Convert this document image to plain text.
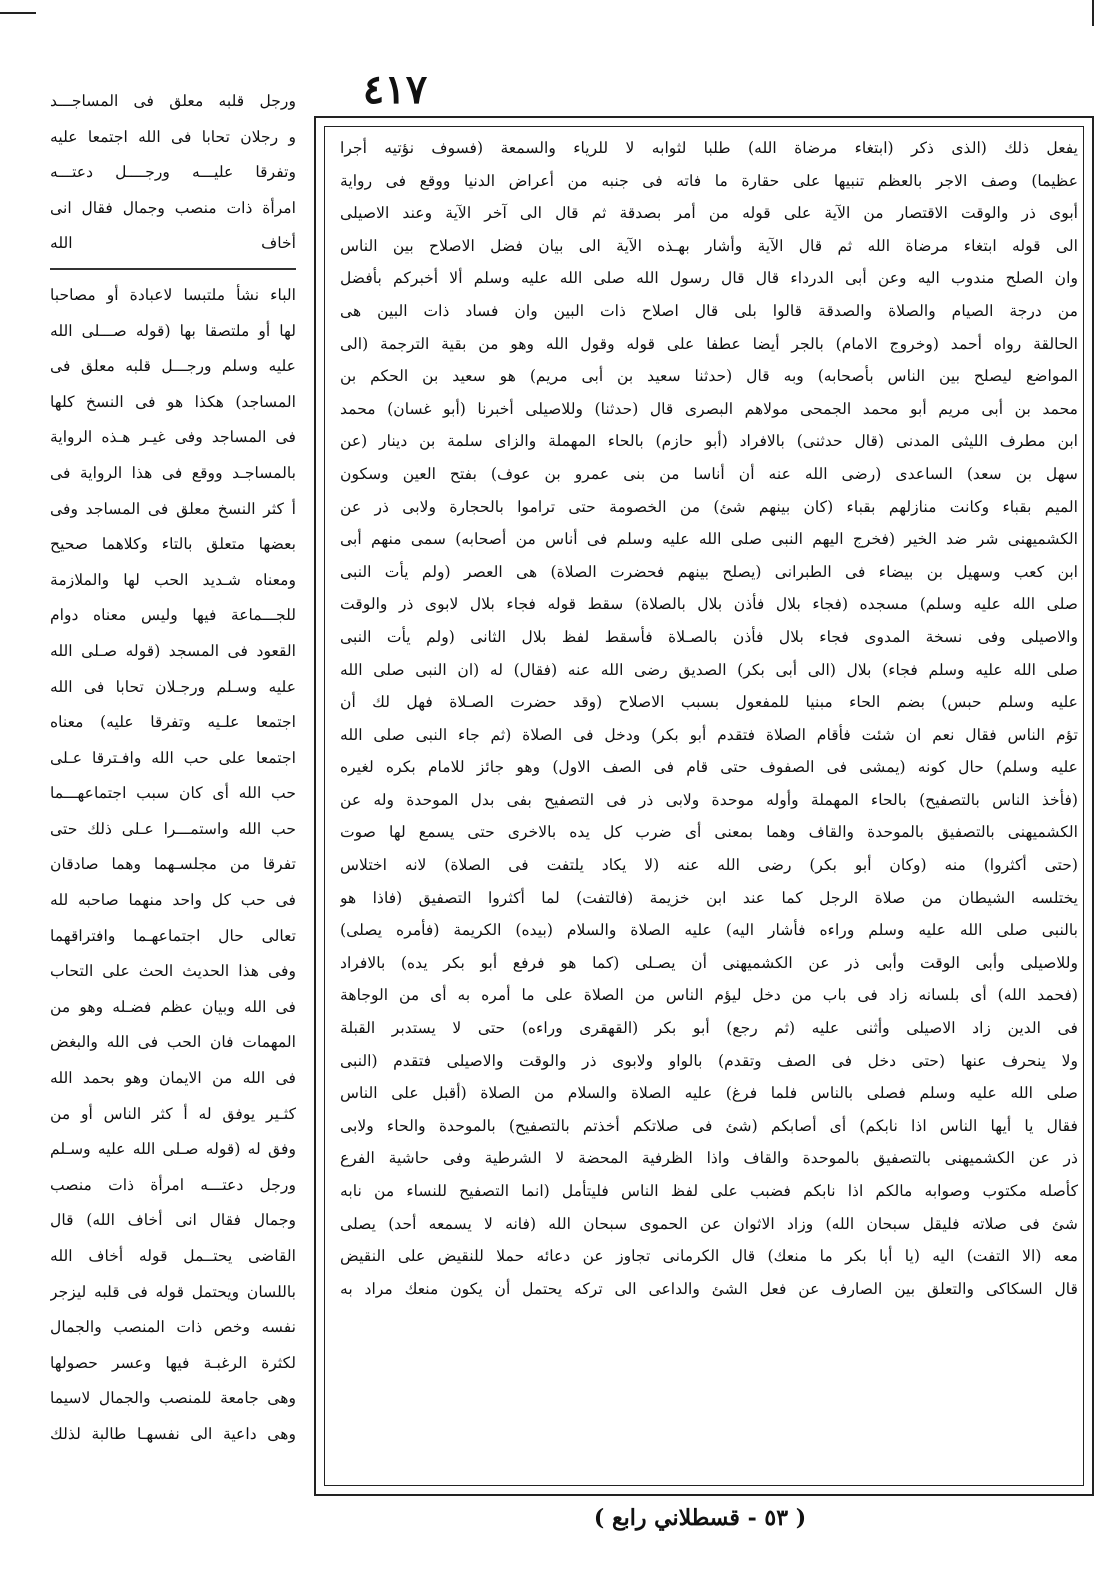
٤١٧
ورجل قلبه معلق فى المساجـــد
و رجلان تحابا فى الله اجتمعا عليه
وتفرقا عليـــه ورجــــل دعتـــه
امرأة ذات منصب وجمال فقال انى
أخاف الله
الباء نشأ ملتبسا لاعبادة أو مصاحبا
لها أو ملتصقا بها (قوله صـــلى الله
عليه وسلم ورجـــل قلبه معلق فى
المساجد) هكذا هو فى النسخ كلها
فى المساجد وفى غيـر هـذه الرواية
بالمساجـد ووقع فى هذا الرواية فى
أ كثر النسخ معلق فى المساجد وفى
بعضها متعلق بالتاء وكلاهما صحيح
ومعناه شـديد الحب لها والملازمة
للجـــماعة فيها وليس معناه دوام
القعود فى المسجد (قوله صـلى الله
عليه وسـلم ورجـلان تحابا فى الله
اجتمعا علـيه وتفرقا عليه) معناه
اجتمعا على حب الله وافـترقا عـلى
حب الله أى كان سبب اجتماعهـــما
حب الله واستمـــرا عـلى ذلك حتى
تفرقا من مجلسـهما وهما صادقان
فى حب كل واحد منهما صاحبه لله
تعالى حال اجتماعهـما وافتراقهما
وفى هذا الحديث الحث على التحاب
فى الله وبيان عظم فضـله وهو من
المهمات فان الحب فى الله والبغض
فى الله من الايمان وهو بحمد الله
كثـير يوفق له أ كثر الناس أو من
وفق له (قوله صـلى الله عليه وسـلم
ورجل دعتـــه امرأة ذات منصب
وجمال فقال انى أخاف الله) قال
القاضى يحتــمل قوله أخاف الله
باللسان ويحتمل قوله فى قلبه ليزجر
نفسه وخص ذات المنصب والجمال
لكثرة الرغبـة فيها وعسر حصولها
وهى جامعة للمنصب والجمال لاسيما
وهى داعية الى نفسهـا طالبة لذلك
يفعل ذلك (الذى ذكر (ابتغاء مرضاة الله) طلبا لثوابه لا للرياء والسمعة (فسوف نؤتيه أجرا
عظيما) وصف الاجر بالعظم تنبيها على حقارة ما فاته فى جنبه من أعراض الدنيا ووقع فى رواية
أبوى ذر والوقت الاقتصار من الآية على قوله من أمر بصدقة ثم قال الى آخر الآية وعند الاصيلى
الى قوله ابتغاء مرضاة الله ثم قال الآية وأشار بهـذه الآية الى بيان فضل الاصلاح بين الناس
وان الصلح مندوب اليه وعن أبى الدرداء قال قال رسول الله صلى الله عليه وسلم ألا أخبركم بأفضل
من درجة الصيام والصلاة والصدقة قالوا بلى قال اصلاح ذات البين وان فساد ذات البين هى
الحالقة رواه أحمد (وخروج الامام) بالجر أيضا عطفا على قوله وقول الله وهو من بقية الترجمة (الى
المواضع ليصلح بين الناس بأصحابه) وبه قال (حدثنا سعيد بن أبى مريم) هو سعيد بن الحكم بن
محمد بن أبى مريم أبو محمد الجمحى مولاهم البصرى قال (حدثنا) وللاصيلى أخبرنا (أبو غسان) محمد
ابن مطرف الليثى المدنى (قال حدثنى) بالافراد (أبو حازم) بالحاء المهملة والزاى سلمة بن دينار (عن
سهل بن سعد) الساعدى (رضى الله عنه أن أناسا من بنى عمرو بن عوف) بفتح العين وسكون
الميم بقباء وكانت منازلهم بقباء (كان بينهم شئ) من الخصومة حتى تراموا بالحجارة ولابى ذر عن
الكشميهنى شر ضد الخير (فخرج اليهم النبى صلى الله عليه وسلم فى أناس من أصحابه) سمى منهم أبى
ابن كعب وسهيل بن بيضاء فى الطبرانى (يصلح بينهم فحضرت الصلاة) هى العصر (ولم يأت النبى
صلى الله عليه وسلم) مسجده (فجاء بلال فأذن بلال بالصلاة) سقط قوله فجاء بلال لابوى ذر والوقت
والاصيلى وفى نسخة المدوى فجاء بلال فأذن بالصـلاة فأسقط لفظ بلال الثانى (ولم يأت النبى
صلى الله عليه وسلم فجاء) بلال (الى أبى بكر) الصديق رضى الله عنه (فقال) له (ان النبى صلى الله
عليه وسلم حبس) بضم الحاء مبنيا للمفعول بسبب الاصلاح (وقد حضرت الصـلاة فهل لك أن
تؤم الناس فقال نعم ان شئت فأقام الصلاة فتقدم أبو بكر) ودخل فى الصلاة (ثم جاء النبى صلى الله
عليه وسلم) حال كونه (يمشى فى الصفوف حتى قام فى الصف الاول) وهو جائز للامام بكره لغيره
(فأخذ الناس بالتصفيح) بالحاء المهملة وأوله موحدة ولابى ذر فى التصفيح بفى بدل الموحدة وله عن
الكشميهنى بالتصفيق بالموحدة والقاف وهما بمعنى أى ضرب كل يده بالاخرى حتى يسمع لها صوت
(حتى أكثروا) منه (وكان أبو بكر) رضى الله عنه (لا يكاد يلتفت فى الصلاة) لانه اختلاس
يختلسه الشيطان من صلاة الرجل كما عند ابن خزيمة (فالتفت) لما أكثروا التصفيق (فاذا هو
بالنبى صلى الله عليه وسلم وراءه فأشار اليه) عليه الصلاة والسلام (بيده) الكريمة (فأمره يصلى)
وللاصيلى وأبى الوقت وأبى ذر عن الكشميهنى أن يصـلى (كما هو فرفع أبو بكر يده) بالافراد
(فحمد الله) أى بلسانه زاد فى باب من دخل ليؤم الناس من الصلاة على ما أمره به أى من الوجاهة
فى الدين زاد الاصيلى وأثنى عليه (ثم رجع) أبو بكر (القهقرى وراءه) حتى لا يستدبر القبلة
ولا ينحرف عنها (حتى دخل فى الصف وتقدم) بالواو ولابوى ذر والوقت والاصيلى فتقدم (النبى
صلى الله عليه وسلم فصلى بالناس فلما فرغ) عليه الصلاة والسلام من الصلاة (أقبل على الناس
فقال يا أيها الناس اذا نابكم) أى أصابكم (شئ فى صلاتكم أخذتم بالتصفيح) بالموحدة والحاء ولابى
ذر عن الكشميهنى بالتصفيق بالموحدة والقاف واذا الظرفية المحضة لا الشرطية وفى حاشية الفرع
كأصله مكتوب وصوابه مالكم اذا نابكم فضبب على لفظ الناس فليتأمل (انما التصفيح للنساء من نابه
شئ فى صلاته فليقل سبحان الله) وزاد الاثوان عن الحموى سبحان الله (فانه لا يسمعه أحد) يصلى
معه (الا التفت) اليه (يا أبا بكر ما منعك) قال الكرمانى تجاوز عن دعائه حملا للنقيض على النقيض
قال السكاكى والتعلق بين الصارف عن فعل الشئ والداعى الى تركه يحتمل أن يكون منعك مراد به
( ٥٣ - قسطلاني رابع )
